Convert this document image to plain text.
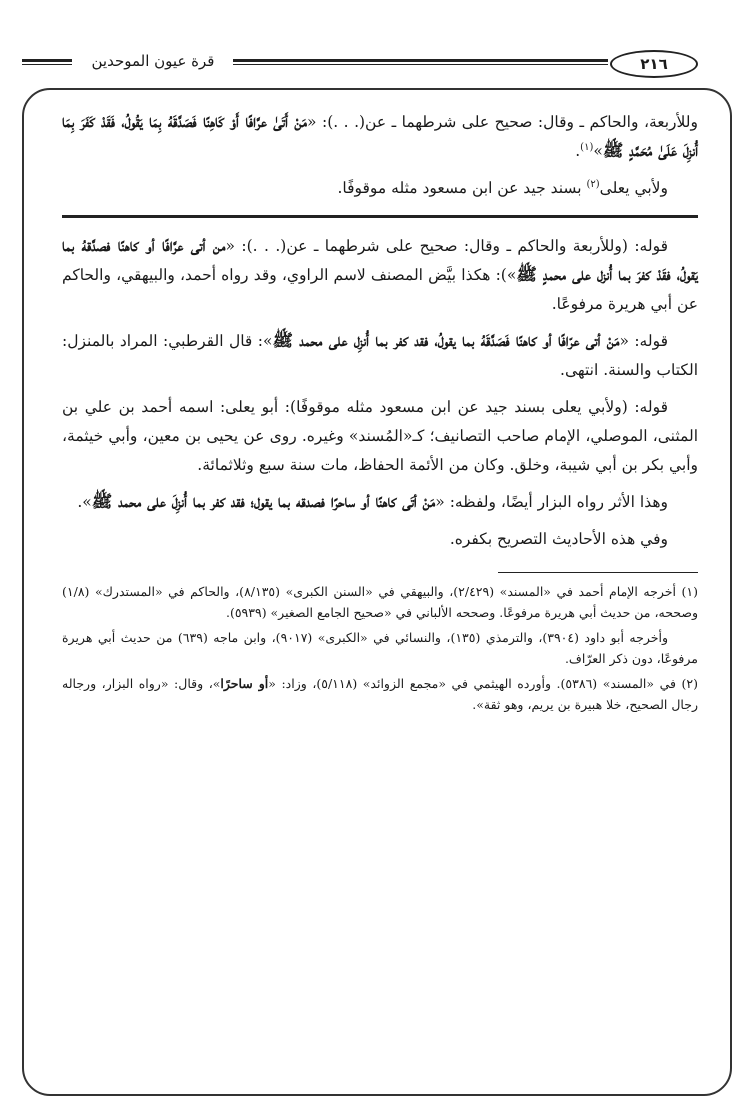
قرة عيون الموحدين	٢١٦

وللأربعة، والحاكم ـ وقال: صحيح على شرطهما ـ عن(. . .): «مَنْ أَتَىٰ عرَّافًا أَوْ كَاهِنًا فَصَدَّقَهُ بِمَا يَقُولُ، فَقَدْ كَفَرَ بِمَا أُنزِلَ عَلَىٰ مُحَمَّدٍ ﷺ»$^{(١)}$.

ولأبي يعلى$^{(٢)}$ بسند جيد عن ابن مسعود مثله موقوفًا.

قوله: (وللأربعة والحاكم ـ وقال: صحيح على شرطهما ـ عن(. . .): «من أتى عرَّافًا أو كاهنًا فصدَّقهُ بما يَقولُ، فقَدْ كفرَ بما أُنزل على محمدٍ ﷺ»): هكذا بيَّض المصنف لاسم الراوي، وقد رواه أحمد، والبيهقي، والحاكم عن أبي هريرة مرفوعًا.

قوله: «مَنْ أتى عرّافًا أو كاهنًا فَصَدَّقَهُ بما يقولُ، فقد كفر بما أُنزِل على محمد ﷺ»: قال القرطبي: المراد بالمنزل: الكتاب والسنة. انتهى.

قوله: (ولأبي يعلى بسند جيد عن ابن مسعود مثله موقوفًا): أبو يعلى: اسمه أحمد بن علي بن المثنى، الموصلي، الإمام صاحب التصانيف؛ كـ«المُسند» وغيره. روى عن يحيى بن معين، وأبي خيثمة، وأبي بكر بن أبي شيبة، وخلق. وكان من الأئمة الحفاظ، مات سنة سبع وثلاثمائة.

وهذا الأثر رواه البزار أيضًا، ولفظه: «مَنْ أتَى كاهنًا أو ساحرًا فصدقه بما يقول؛ فقد كفر بما أُنزِلَ على محمد ﷺ».

وفي هذه الأحاديث التصريح بكفره.

(١) أخرجه الإمام أحمد في «المسند» (٢/٤٢٩)، والبيهقي في «السنن الكبرى» (٨/١٣٥)، والحاكم في «المستدرك» (١/٨) وصححه، من حديث أبي هريرة مرفوعًا. وصححه الألباني في «صحيح الجامع الصغير» (٥٩٣٩).

وأخرجه أبو داود (٣٩٠٤)، والترمذي (١٣٥)، والنسائي في «الكبرى» (٩٠١٧)، وابن ماجه (٦٣٩) من حديث أبي هريرة مرفوعًا، دون ذكر العرّاف.

(٢) في «المسند» (٥٣٨٦). وأورده الهيثمي في «مجمع الزوائد» (٥/١١٨)، وزاد: «أو ساحرًا»، وقال: «رواه البزار، ورجاله رجال الصحيح، خلا هبيرة بن يريم، وهو ثقة».
